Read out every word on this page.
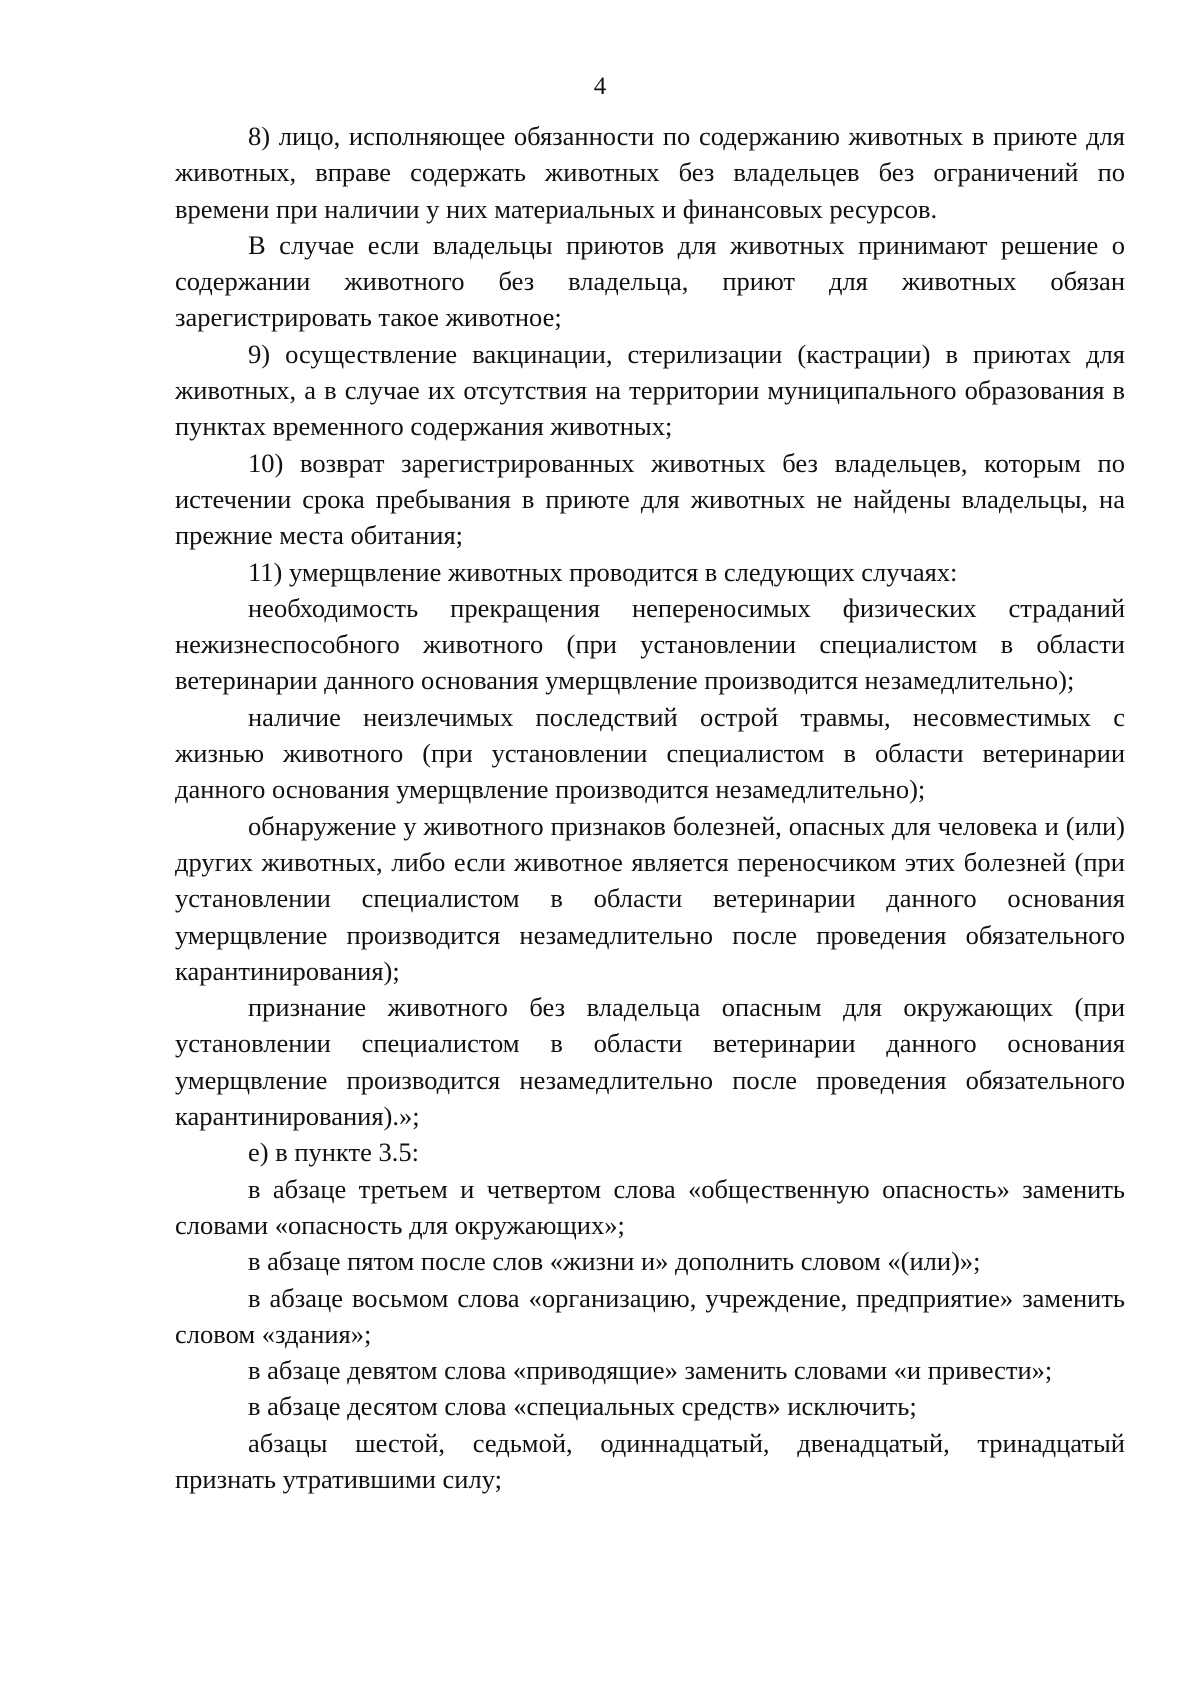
4

8) лицо, исполняющее обязанности по содержанию животных в приюте для животных, вправе содержать животных без владельцев без ограничений по времени при наличии у них материальных и финансовых ресурсов.

В случае если владельцы приютов для животных принимают решение о содержании животного без владельца, приют для животных обязан зарегистрировать такое животное;

9) осуществление вакцинации, стерилизации (кастрации) в приютах для животных, а в случае их отсутствия на территории муниципального образования в пунктах временного содержания животных;

10) возврат зарегистрированных животных без владельцев, которым по истечении срока пребывания в приюте для животных не найдены владельцы, на прежние места обитания;

11) умерщвление животных проводится в следующих случаях:

необходимость прекращения непереносимых физических страданий нежизнеспособного животного (при установлении специалистом в области ветеринарии данного основания умерщвление производится незамедлительно);

наличие неизлечимых последствий острой травмы, несовместимых с жизнью животного (при установлении специалистом в области ветеринарии данного основания умерщвление производится незамедлительно);

обнаружение у животного признаков болезней, опасных для человека и (или) других животных, либо если животное является переносчиком этих болезней (при установлении специалистом в области ветеринарии данного основания умерщвление производится незамедлительно после проведения обязательного карантинирования);

признание животного без владельца опасным для окружающих (при установлении специалистом в области ветеринарии данного основания умерщвление производится незамедлительно после проведения обязательного карантинирования).»;

е) в пункте 3.5:

в абзаце третьем и четвертом слова «общественную опасность» заменить словами «опасность для окружающих»;

в абзаце пятом после слов «жизни и» дополнить словом «(или)»;

в абзаце восьмом слова «организацию, учреждение, предприятие» заменить словом «здания»;

в абзаце девятом слова «приводящие» заменить словами «и привести»;

в абзаце десятом слова «специальных средств» исключить;

абзацы шестой, седьмой, одиннадцатый, двенадцатый, тринадцатый признать утратившими силу;
